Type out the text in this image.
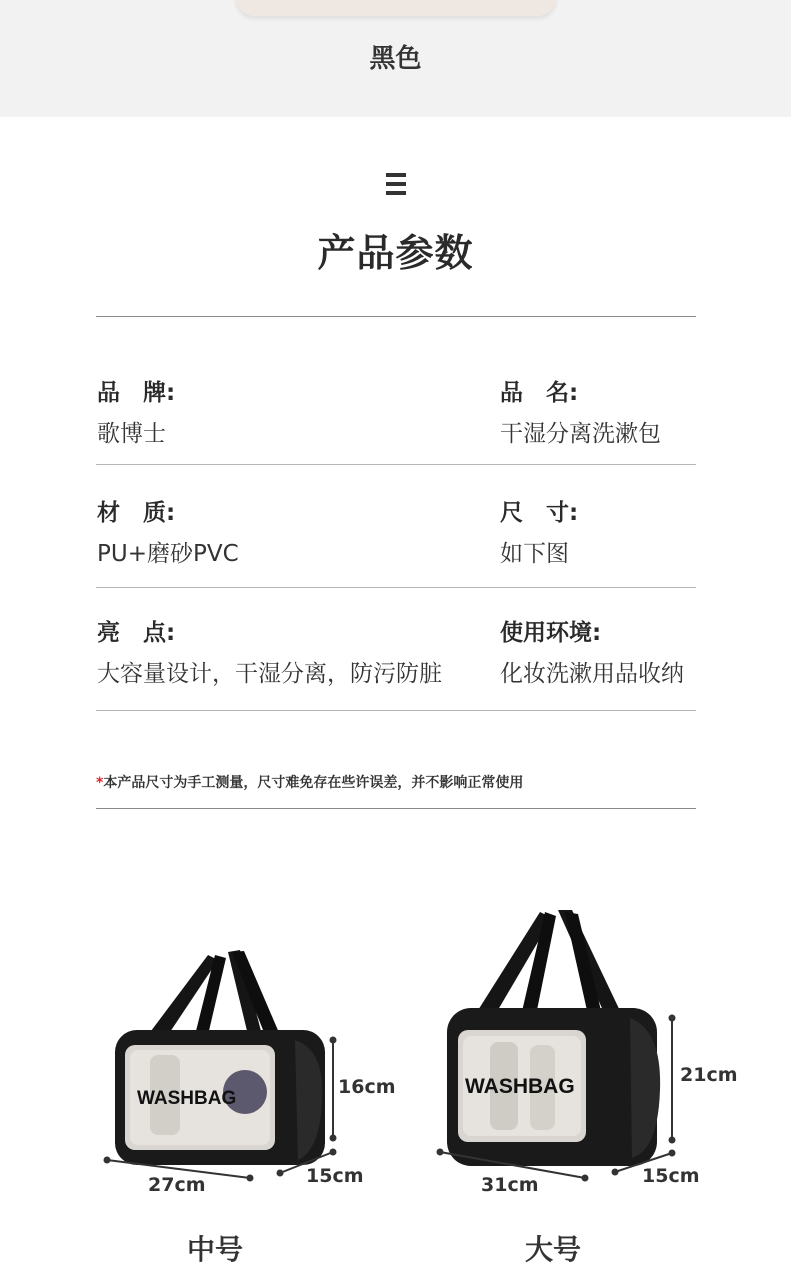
黑色
产品参数
品　牌:
歌博士
品　名:
干湿分离洗漱包
材　质:
PU+磨砂PVC
尺　寸:
如下图
亮　点:
大容量设计，干湿分离，防污防脏
使用环境:
化妆洗漱用品收纳
*本产品尺寸为手工测量，尺寸难免存在些许误差，并不影响正常使用
WASHBAG
WASHBAG
16cm
27cm	15cm
21cm
31cm	15cm
中号	大号
